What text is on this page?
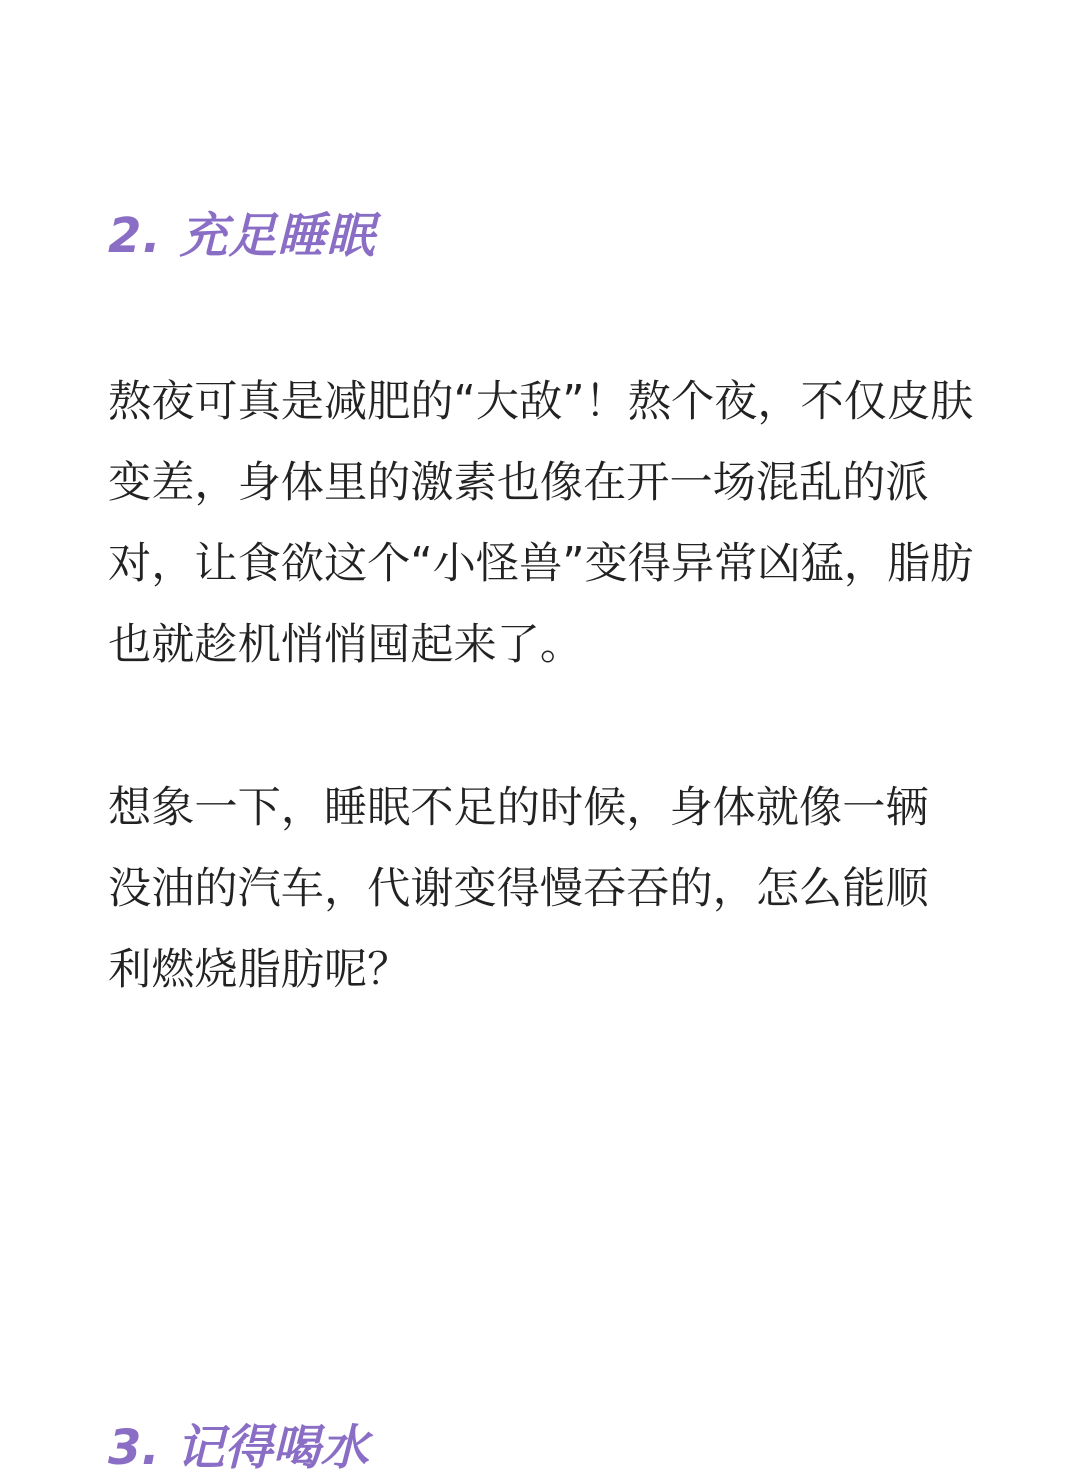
2. 充足睡眠

熬夜可真是减肥的“大敌”！熬个夜，不仅皮肤
变差，身体里的激素也像在开一场混乱的派
对，让食欲这个“小怪兽”变得异常凶猛，脂肪
也就趁机悄悄囤起来了。

想象一下，睡眠不足的时候，身体就像一辆
没油的汽车，代谢变得慢吞吞的，怎么能顺
利燃烧脂肪呢？

3. 记得喝水
